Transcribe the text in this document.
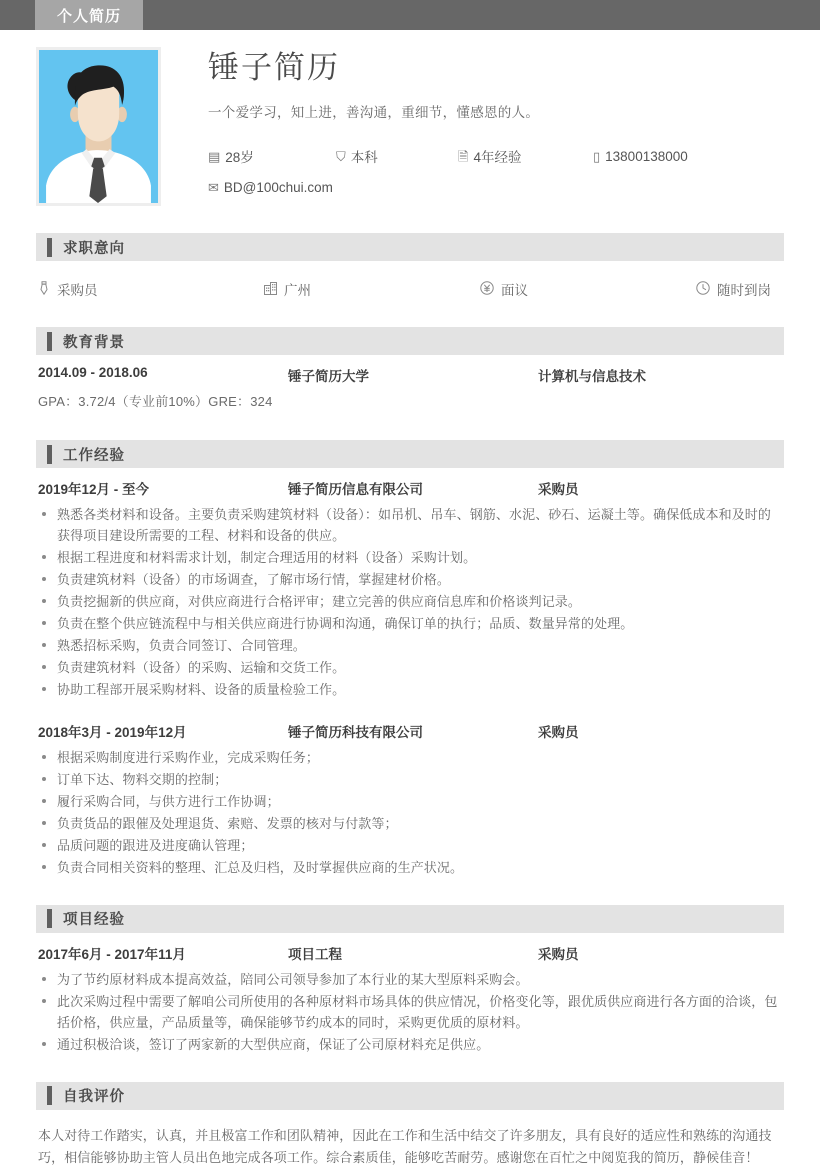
个人简历
锤子简历
一个爱学习，知上进，善沟通，重细节，懂感恩的人。
▤ 28岁	⛉ 本科	🗎 4年经验	▯ 13800138000
✉ BD@100chui.com
求职意向
采购员	广州	面议	随时到岗
教育背景
2014.09 - 2018.06	锤子简历大学	计算机与信息技术
GPA：3.72/4（专业前10%）GRE：324
工作经验
2019年12月 - 至今	锤子简历信息有限公司	采购员
熟悉各类材料和设备。主要负责采购建筑材料（设备）：如吊机、吊车、钢筋、水泥、砂石、运凝土等。确保低成本和及时的获得项目建设所需要的工程、材料和设备的供应。
根据工程进度和材料需求计划，制定合理适用的材料（设备）采购计划。
负责建筑材料（设备）的市场调查，了解市场行情，掌握建材价格。
负责挖掘新的供应商，对供应商进行合格评审；建立完善的供应商信息库和价格谈判记录。
负责在整个供应链流程中与相关供应商进行协调和沟通，确保订单的执行；品质、数量异常的处理。
熟悉招标采购，负责合同签订、合同管理。
负责建筑材料（设备）的采购、运输和交货工作。
协助工程部开展采购材料、设备的质量检验工作。
2018年3月 - 2019年12月	锤子简历科技有限公司	采购员
根据采购制度进行采购作业，完成采购任务；
订单下达、物料交期的控制；
履行采购合同，与供方进行工作协调；
负责货品的跟催及处理退货、索赔、发票的核对与付款等；
品质问题的跟进及进度确认管理；
负责合同相关资料的整理、汇总及归档，及时掌握供应商的生产状况。
项目经验
2017年6月 - 2017年11月	项目工程	采购员
为了节约原材料成本提高效益，陪同公司领导参加了本行业的某大型原料采购会。
此次采购过程中需要了解咱公司所使用的各种原材料市场具体的供应情况，价格变化等，跟优质供应商进行各方面的洽谈，包括价格，供应量，产品质量等，确保能够节约成本的同时，采购更优质的原材料。
通过积极洽谈，签订了两家新的大型供应商，保证了公司原材料充足供应。
自我评价
本人对待工作踏实，认真，并且极富工作和团队精神，因此在工作和生活中结交了许多朋友，具有良好的适应性和熟练的沟通技巧，相信能够协助主管人员出色地完成各项工作。综合素质佳，能够吃苦耐劳。感谢您在百忙之中阅览我的简历，静候佳音！
